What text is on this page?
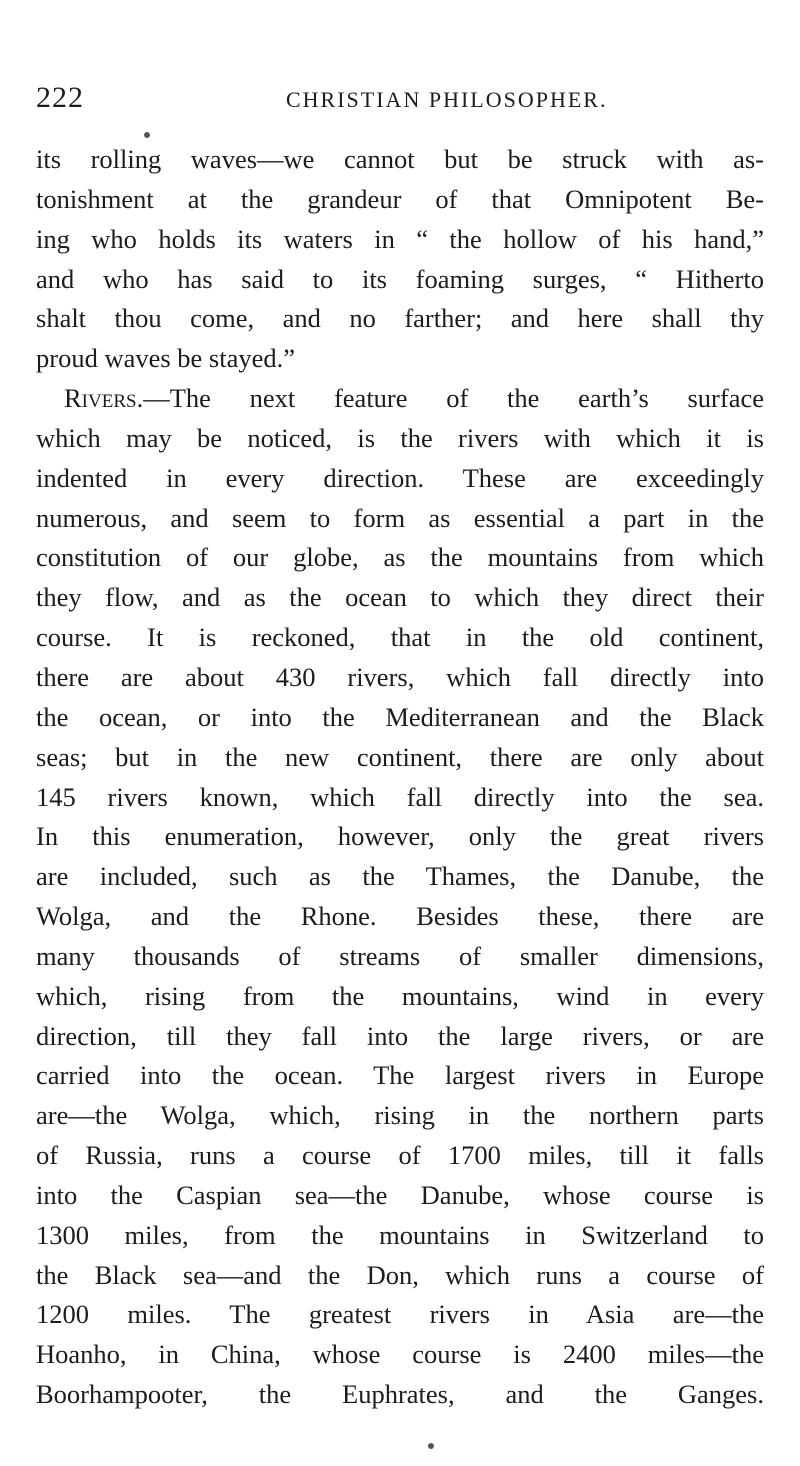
222	CHRISTIAN PHILOSOPHER.
its rolling waves—we cannot but be struck with as-
tonishment at the grandeur of that Omnipotent Be-
ing who holds its waters in “ the hollow of his hand,”
and who has said to its foaming surges, “ Hitherto
shalt thou come, and no farther; and here shall thy
proud waves be stayed.”
Rivers.—The next feature of the earth’s surface
which may be noticed, is the rivers with which it is
indented in every direction. These are exceedingly
numerous, and seem to form as essential a part in the
constitution of our globe, as the mountains from which
they flow, and as the ocean to which they direct their
course. It is reckoned, that in the old continent,
there are about 430 rivers, which fall directly into
the ocean, or into the Mediterranean and the Black
seas; but in the new continent, there are only about
145 rivers known, which fall directly into the sea.
In this enumeration, however, only the great rivers
are included, such as the Thames, the Danube, the
Wolga, and the Rhone. Besides these, there are
many thousands of streams of smaller dimensions,
which, rising from the mountains, wind in every
direction, till they fall into the large rivers, or are
carried into the ocean. The largest rivers in Europe
are—the Wolga, which, rising in the northern parts
of Russia, runs a course of 1700 miles, till it falls
into the Caspian sea—the Danube, whose course is
1300 miles, from the mountains in Switzerland to
the Black sea—and the Don, which runs a course of
1200 miles. The greatest rivers in Asia are—the
Hoanho, in China, whose course is 2400 miles—the
Boorhampooter, the Euphrates, and the Ganges.
